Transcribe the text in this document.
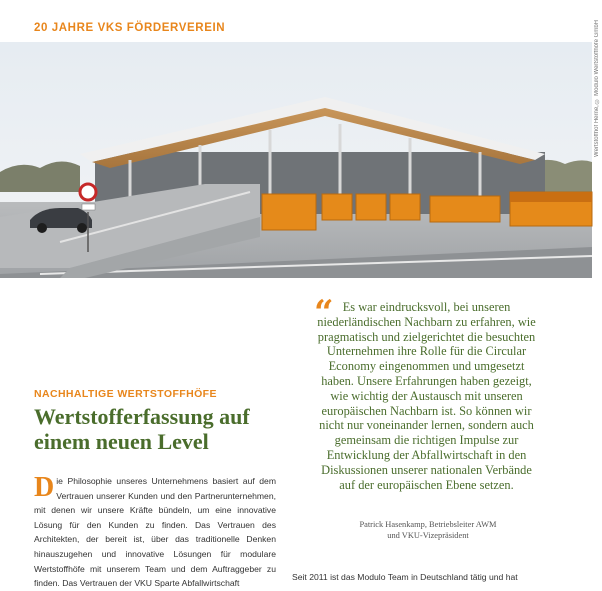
20 JAHRE VKS FÖRDERVEREIN	Wertstoffhof Herne, © Modulo Wertstoffhöfe GmbH
“ Es war eindrucksvoll, bei unseren niederländischen Nachbarn zu erfahren, wie pragmatisch und zielgerichtet die besuchten Unternehmen ihre Rolle für die Circular Economy eingenommen und umgesetzt haben. Unsere Erfahrungen haben gezeigt, wie wichtig der Austausch mit unseren europäischen Nachbarn ist. So können wir nicht nur voneinander lernen, sondern auch gemeinsam die richtigen Impulse zur Entwicklung der Abfallwirtschaft in den Diskussionen unserer nationalen Verbände auf der europäischen Ebene setzen.
Patrick Hasenkamp, Betriebsleiter AWM
und VKU-Vizepräsident
NACHHALTIGE WERTSTOFFHÖFE
Wertstofferfassung auf einem neuen Level
Die Philosophie unseres Unternehmens basiert auf dem Vertrauen unserer Kunden und den Partnerunternehmen, mit denen wir unsere Kräfte bündeln, um eine innovative Lösung für den Kunden zu finden. Das Vertrauen des Architekten, der bereit ist, über das traditionelle Denken hinauszugehen und innovative Lösungen für modulare Wertstoffhöfe mit unserem Team und dem Auftraggeber zu finden. Das Vertrauen der VKU Sparte Abfallwirtschaft
Seit 2011 ist das Modulo Team in Deutschland tätig und hat
